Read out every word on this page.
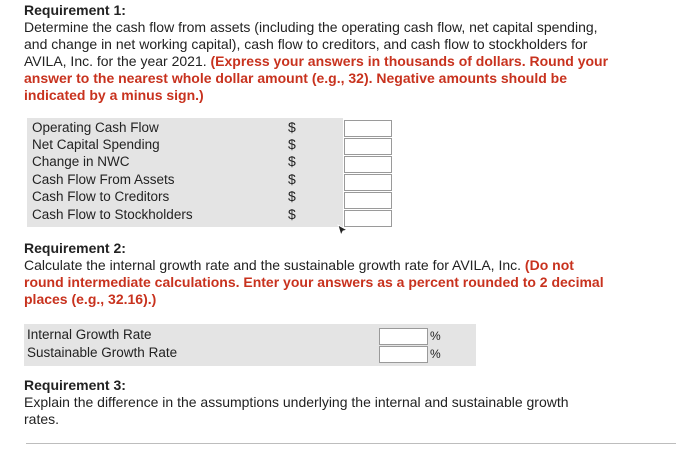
Requirement 1:
Determine the cash flow from assets (including the operating cash flow, net capital spending, and change in net working capital), cash flow to creditors, and cash flow to stockholders for AVILA, Inc. for the year 2021. (Express your answers in thousands of dollars. Round your answer to the nearest whole dollar amount (e.g., 32). Negative amounts should be indicated by a minus sign.)
Operating Cash Flow
Net Capital Spending
Change in NWC
Cash Flow From Assets
Cash Flow to Creditors
Cash Flow to Stockholders
$
$
$
$
$
$
Requirement 2:
Calculate the internal growth rate and the sustainable growth rate for AVILA, Inc. (Do not round intermediate calculations. Enter your answers as a percent rounded to 2 decimal places (e.g., 32.16).)
Internal Growth Rate
Sustainable Growth Rate
%
%
Requirement 3:
Explain the difference in the assumptions underlying the internal and sustainable growth rates.
